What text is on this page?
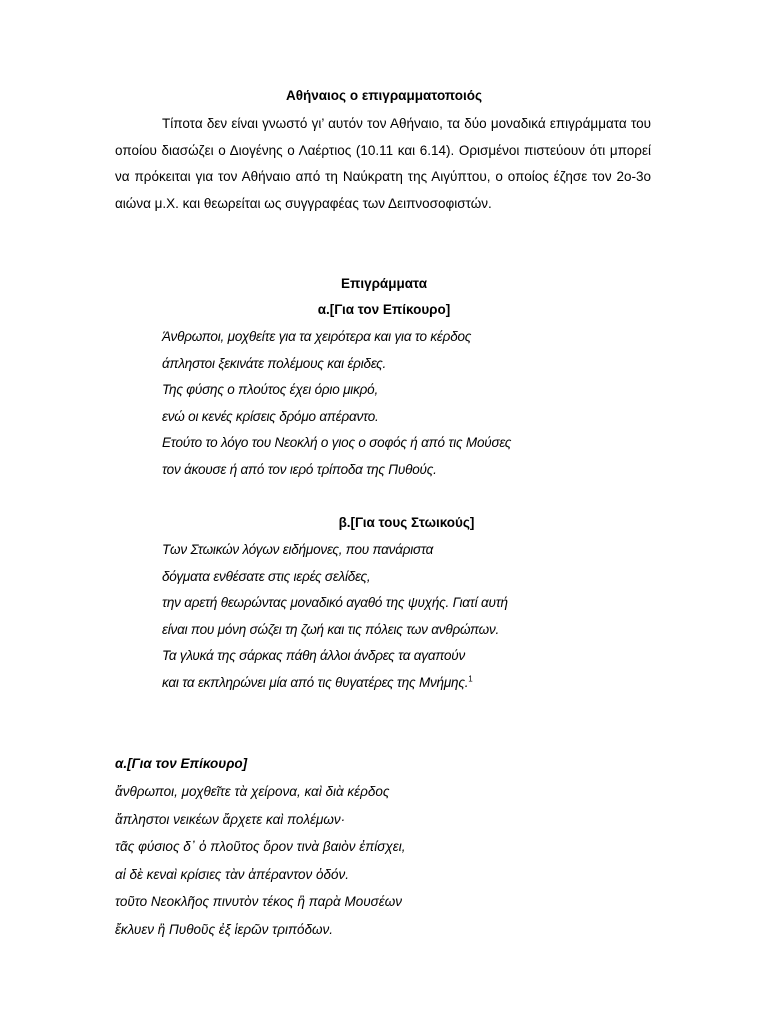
Αθήναιος ο επιγραμματοποιός
Τίποτα δεν είναι γνωστό γι’ αυτόν τον Αθήναιο, τα δύο μοναδικά επιγράμματα του οποίου διασώζει ο Διογένης ο Λαέρτιος (10.11 και 6.14). Ορισμένοι πιστεύουν ότι μπορεί να πρόκειται για τον Αθήναιο από τη Ναύκρατη της Αιγύπτου, ο οποίος έζησε τον 2ο-3ο αιώνα μ.Χ. και θεωρείται ως συγγραφέας των Δειπνοσοφιστών.
Επιγράμματα
α.[Για τον Επίκουρο]
Άνθρωποι, μοχθείτε για τα χειρότερα και για το κέρδος
άπληστοι ξεκινάτε πολέμους και έριδες.
Της φύσης ο πλούτος έχει όριο μικρό,
ενώ οι κενές κρίσεις δρόμο απέραντο.
Ετούτο το λόγο του Νεοκλή ο γιος ο σοφός ή από τις Μούσες
τον άκουσε ή από τον ιερό τρίποδα της Πυθούς.
β.[Για τους Στωικούς]
Των Στωικών λόγων ειδήμονες, που πανάριστα
δόγματα ενθέσατε στις ιερές σελίδες,
την αρετή θεωρώντας μοναδικό αγαθό της ψυχής. Γιατί αυτή
είναι που μόνη σώζει τη ζωή και τις πόλεις των ανθρώπων.
Τα γλυκά της σάρκας πάθη άλλοι άνδρες τα αγαπούν
και τα εκπληρώνει μία από τις θυγατέρες της Μνήμης.$^1$
α.[Για τον Επίκουρο]
ἄνθρωποι, μοχθεῖτε τὰ χείρονα, καὶ διὰ κέρδος
ἄπληστοι νεικέων ἄρχετε καὶ πολέμων·
τᾶς φύσιος δ᾽ ὁ πλοῦτος ὅρον τινὰ βαιὸν ἐπίσχει,
αἱ δὲ κεναὶ κρίσιες τὰν ἀπέραντον ὁδόν.
τοῦτο Νεοκλῆος πινυτὸν τέκος ἢ παρὰ Μουσέων
ἔκλυεν ἢ Πυθοῦς ἐξ ἱερῶν τριπόδων.
